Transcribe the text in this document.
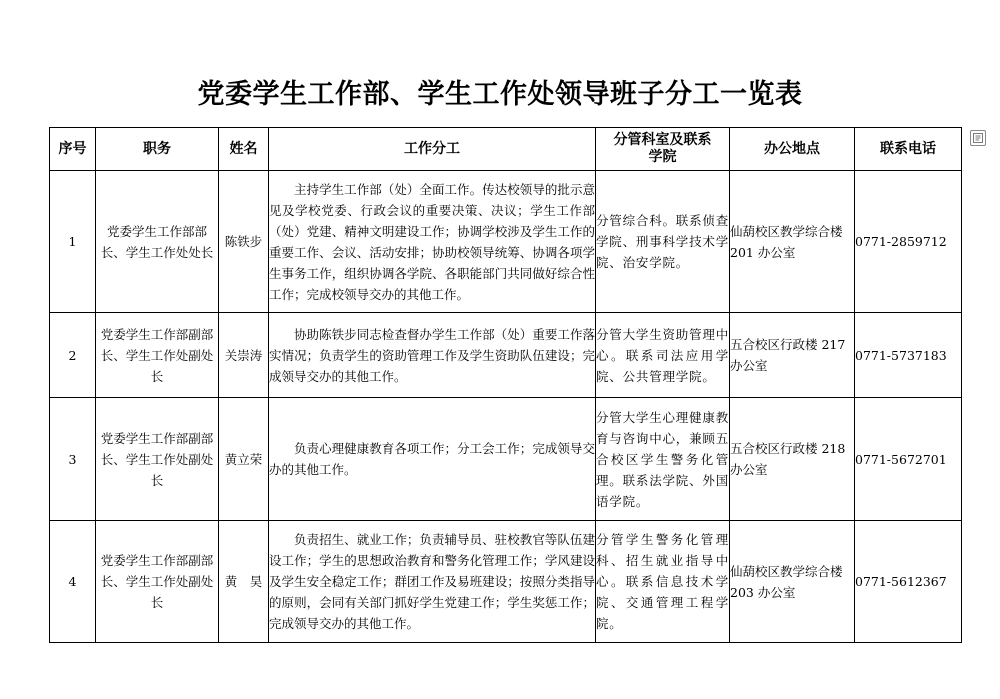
党委学生工作部、学生工作处领导班子分工一览表
序号	职务	姓名	工作分工	分管科室及联系学院	办公地点	联系电话
1	党委学生工作部部长、学生工作处处长	陈铁步	主持学生工作部（处）全面工作。传达校领导的批示意见及学校党委、行政会议的重要决策、决议；学生工作部（处）党建、精神文明建设工作；协调学校涉及学生工作的重要工作、会议、活动安排；协助校领导统筹、协调各项学生事务工作，组织协调各学院、各职能部门共同做好综合性工作；完成校领导交办的其他工作。	分管综合科。联系侦查学院、刑事科学技术学院、治安学院。	仙葫校区教学综合楼 201 办公室	0771-2859712
2	党委学生工作部副部长、学生工作处副处长	关崇涛	协助陈铁步同志检查督办学生工作部（处）重要工作落实情况；负责学生的资助管理工作及学生资助队伍建设；完成领导交办的其他工作。	分管大学生资助管理中心。联系司法应用学院、公共管理学院。	五合校区行政楼 217 办公室	0771-5737183
3	党委学生工作部副部长、学生工作处副处长	黄立荣	负责心理健康教育各项工作；分工会工作；完成领导交办的其他工作。	分管大学生心理健康教育与咨询中心，兼顾五合校区学生警务化管理。联系法学院、外国语学院。	五合校区行政楼 218 办公室	0771-5672701
4	党委学生工作部副部长、学生工作处副处长	黄　昊	负责招生、就业工作；负责辅导员、驻校教官等队伍建设工作；学生的思想政治教育和警务化管理工作；学风建设及学生安全稳定工作；群团工作及易班建设；按照分类指导的原则，会同有关部门抓好学生党建工作；学生奖惩工作；完成领导交办的其他工作。	分管学生警务化管理科、招生就业指导中心。联系信息技术学院、交通管理工程学院。	仙葫校区教学综合楼 203 办公室	0771-5612367
